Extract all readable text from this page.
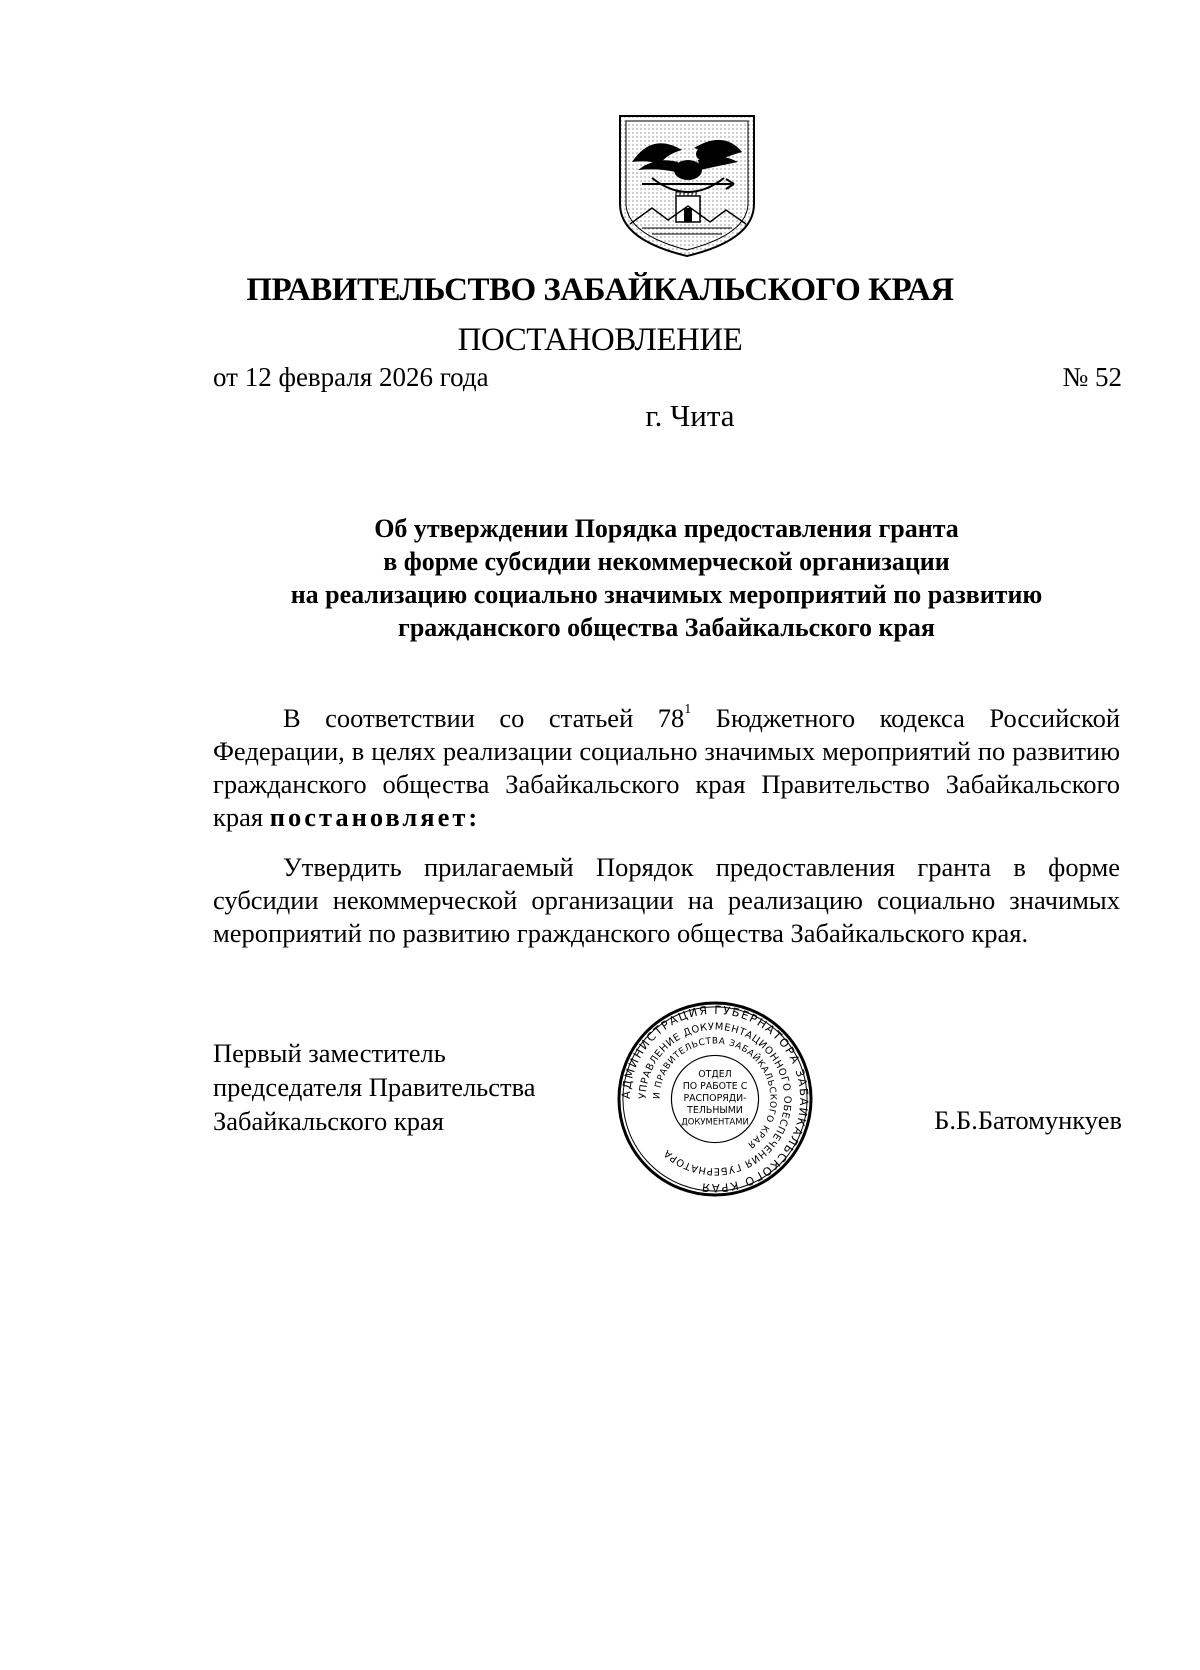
ПРАВИТЕЛЬСТВО ЗАБАЙКАЛЬСКОГО КРАЯ
ПОСТАНОВЛЕНИЕ
от 12 февраля 2026 года	№ 52
г. Чита
Об утверждении Порядка предоставления гранта
в форме субсидии некоммерческой организации
на реализацию социально значимых мероприятий по развитию
гражданского общества Забайкальского края
В соответствии со статьей $78^1$ Бюджетного кодекса Российской Федерации, в целях реализации социально значимых мероприятий по развитию гражданского общества Забайкальского края Правительство Забайкальского края постановляет:
Утвердить прилагаемый Порядок предоставления гранта в форме субсидии некоммерческой организации на реализацию социально значимых мероприятий по развитию гражданского общества Забайкальского края.
Первый заместитель
председателя Правительства
Забайкальского края
АДМИНИСТРАЦИЯ ГУБЕРНАТОРА ЗАБАЙКАЛЬСКОГО КРАЯ
УПРАВЛЕНИЕ ДОКУМЕНТАЦИОННОГО ОБЕСПЕЧЕНИЯ ГУБЕРНАТОРА
И ПРАВИТЕЛЬСТВА ЗАБАЙКАЛЬСКОГО КРАЯ
ОТДЕЛ
ПО РАБОТЕ С
РАСПОРЯДИ-
ТЕЛЬНЫМИ
ДОКУМЕНТАМИ	Б.Б.Батомункуев
